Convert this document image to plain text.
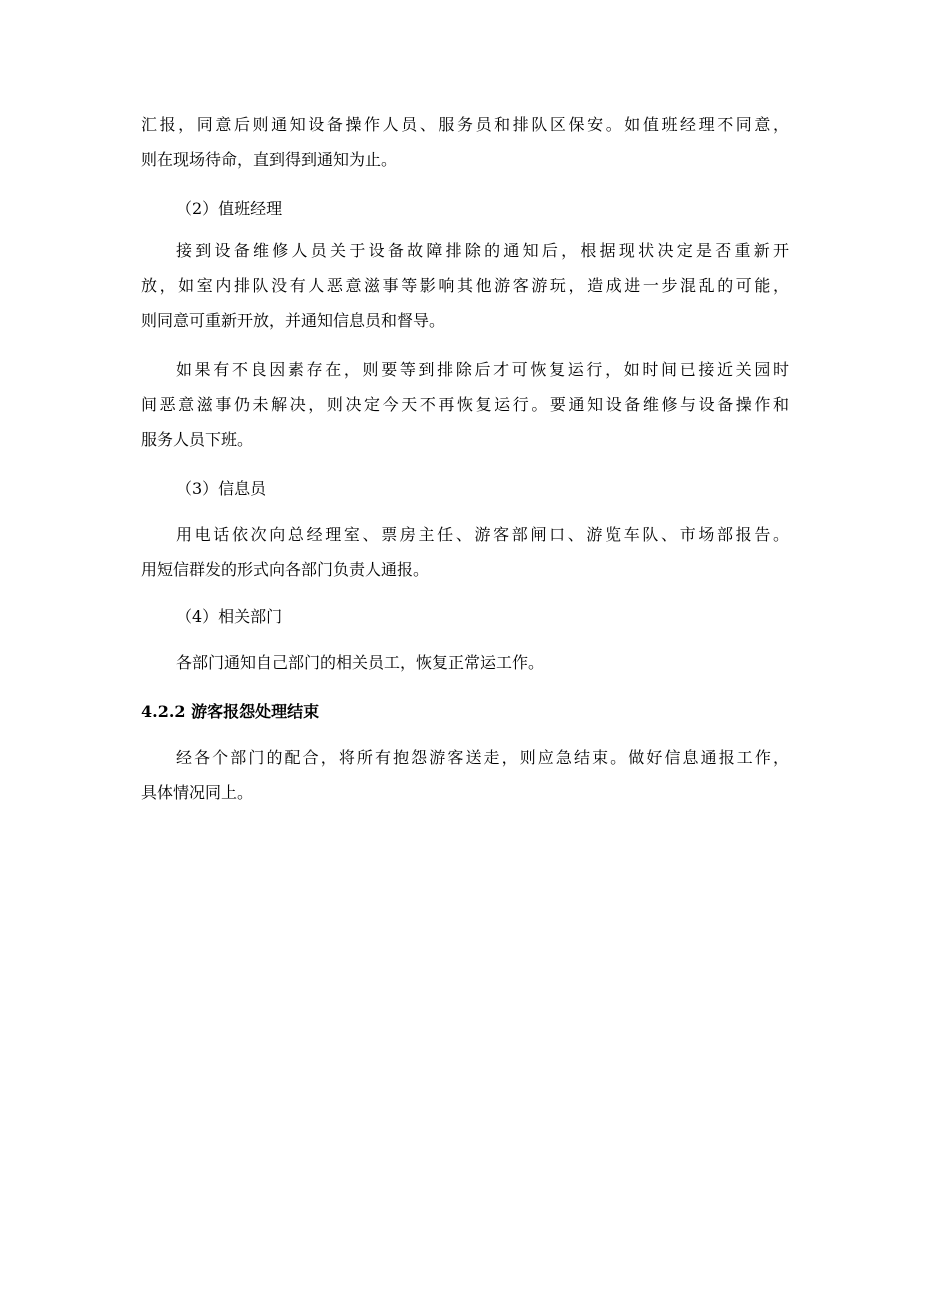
汇报，同意后则通知设备操作人员、服务员和排队区保安。如值班经理不同意，
则在现场待命，直到得到通知为止。

（2）值班经理

接到设备维修人员关于设备故障排除的通知后，根据现状决定是否重新开
放，如室内排队没有人恶意滋事等影响其他游客游玩，造成进一步混乱的可能，
则同意可重新开放，并通知信息员和督导。
如果有不良因素存在，则要等到排除后才可恢复运行，如时间已接近关园时
间恶意滋事仍未解决，则决定今天不再恢复运行。要通知设备维修与设备操作和
服务人员下班。

（3）信息员

用电话依次向总经理室、票房主任、游客部闸口、游览车队、市场部报告。
用短信群发的形式向各部门负责人通报。

（4）相关部门

各部门通知自己部门的相关员工，恢复正常运工作。

4.2.2 游客报怨处理结束

经各个部门的配合，将所有抱怨游客送走，则应急结束。做好信息通报工作，
具体情况同上。
